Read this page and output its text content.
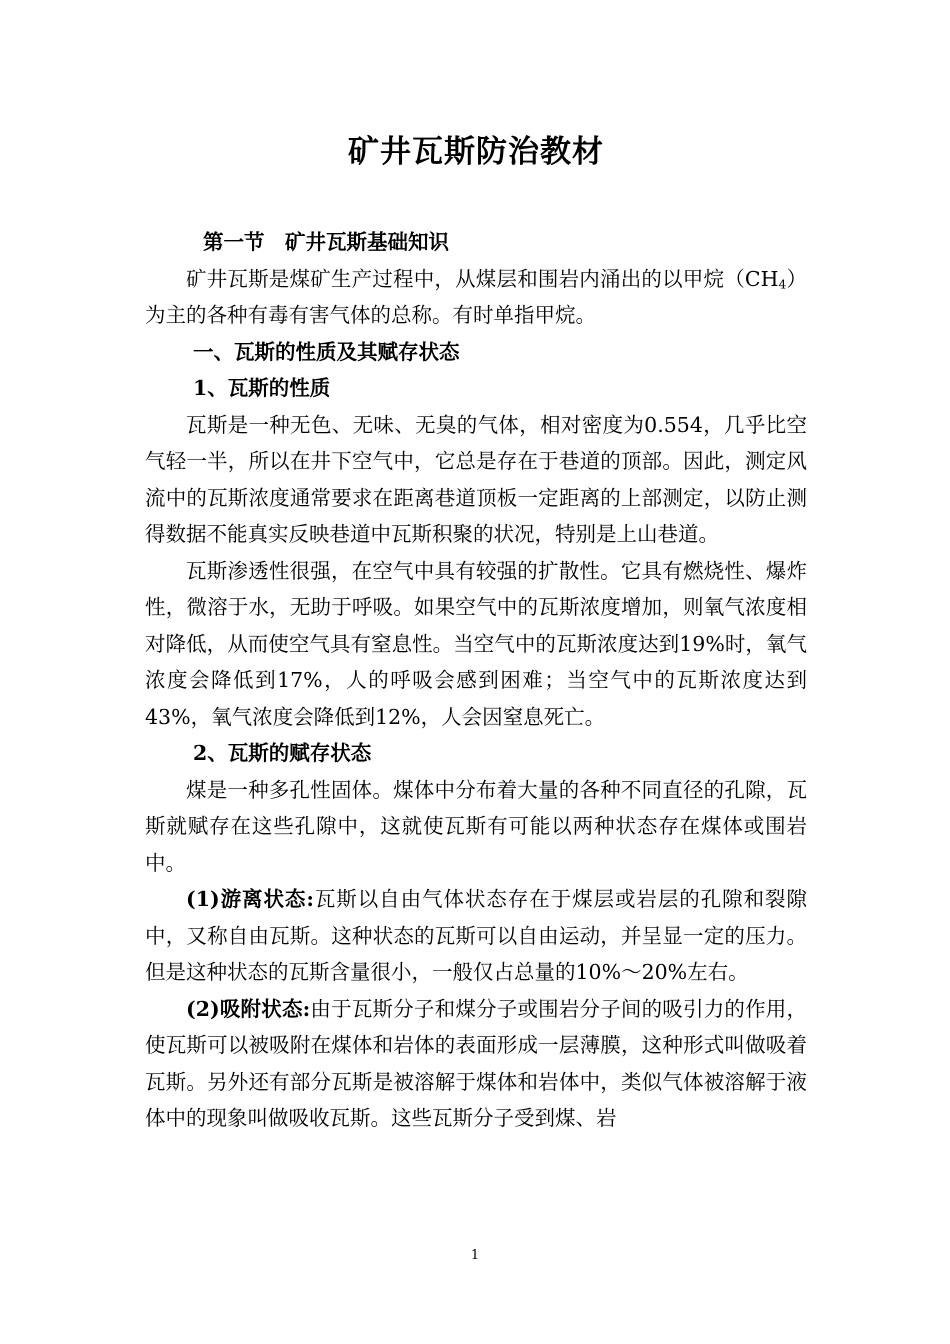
矿井瓦斯防治教材

第一节　矿井瓦斯基础知识

矿井瓦斯是煤矿生产过程中，从煤层和围岩内涌出的以甲烷$(CH_4)$为主的各种有毒有害气体的总称。有时单指甲烷。

一、瓦斯的性质及其赋存状态

1、瓦斯的性质

瓦斯是一种无色、无味、无臭的气体，相对密度为0.554，几乎比空气轻一半，所以在井下空气中，它总是存在于巷道的顶部。因此，测定风流中的瓦斯浓度通常要求在距离巷道顶板一定距离的上部测定，以防止测得数据不能真实反映巷道中瓦斯积聚的状况，特别是上山巷道。

瓦斯渗透性很强，在空气中具有较强的扩散性。它具有燃烧性、爆炸性，微溶于水，无助于呼吸。如果空气中的瓦斯浓度增加，则氧气浓度相对降低，从而使空气具有窒息性。当空气中的瓦斯浓度达到19%时，氧气浓度会降低到17%，人的呼吸会感到困难；当空气中的瓦斯浓度达到43%，氧气浓度会降低到12%，人会因窒息死亡。

2、瓦斯的赋存状态

煤是一种多孔性固体。煤体中分布着大量的各种不同直径的孔隙，瓦斯就赋存在这些孔隙中，这就使瓦斯有可能以两种状态存在煤体或围岩中。

(1)游离状态:瓦斯以自由气体状态存在于煤层或岩层的孔隙和裂隙中，又称自由瓦斯。这种状态的瓦斯可以自由运动，并呈显一定的压力。但是这种状态的瓦斯含量很小，一般仅占总量的10%～20%左右。

(2)吸附状态:由于瓦斯分子和煤分子或围岩分子间的吸引力的作用，使瓦斯可以被吸附在煤体和岩体的表面形成一层薄膜，这种形式叫做吸着瓦斯。另外还有部分瓦斯是被溶解于煤体和岩体中，类似气体被溶解于液体中的现象叫做吸收瓦斯。这些瓦斯分子受到煤、岩

1
